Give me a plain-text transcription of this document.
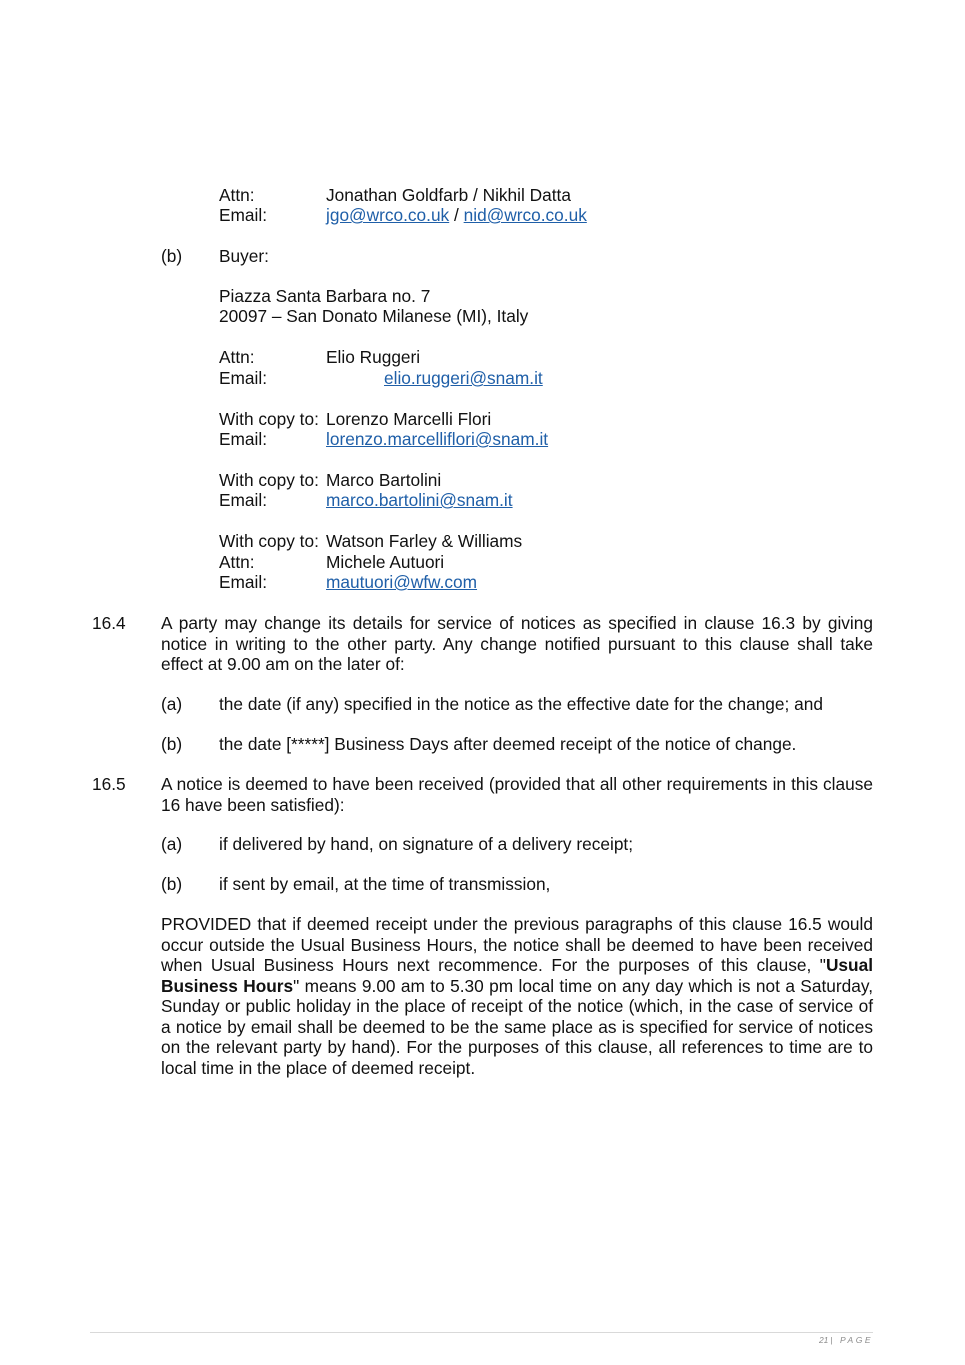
Attn:	Jonathan Goldfarb / Nikhil Datta
Email:	jgo@wrco.co.uk / nid@wrco.co.uk
(b) Buyer:
Piazza Santa Barbara no. 7
20097 – San Donato Milanese (MI), Italy
Attn:	Elio Ruggeri
Email:	elio.ruggeri@snam.it
With copy to: Lorenzo Marcelli Flori
Email:	lorenzo.marcelliflori@snam.it
With copy to: Marco Bartolini
Email:	marco.bartolini@snam.it
With copy to: Watson Farley & Williams
Attn:	Michele Autuori
Email:	mautuori@wfw.com
16.4 A party may change its details for service of notices as specified in clause 16.3 by giving notice in writing to the other party. Any change notified pursuant to this clause shall take effect at 9.00 am on the later of:
(a) the date (if any) specified in the notice as the effective date for the change; and
(b) the date [*****] Business Days after deemed receipt of the notice of change.
16.5 A notice is deemed to have been received (provided that all other requirements in this clause 16 have been satisfied):
(a) if delivered by hand, on signature of a delivery receipt;
(b) if sent by email, at the time of transmission,
PROVIDED that if deemed receipt under the previous paragraphs of this clause 16.5 would occur outside the Usual Business Hours, the notice shall be deemed to have been received when Usual Business Hours next recommence. For the purposes of this clause, "Usual Business Hours" means 9.00 am to 5.30 pm local time on any day which is not a Saturday, Sunday or public holiday in the place of receipt of the notice (which, in the case of service of a notice by email shall be deemed to be the same place as is specified for service of notices on the relevant party by hand). For the purposes of this clause, all references to time are to local time in the place of deemed receipt.
21 | PAGE
